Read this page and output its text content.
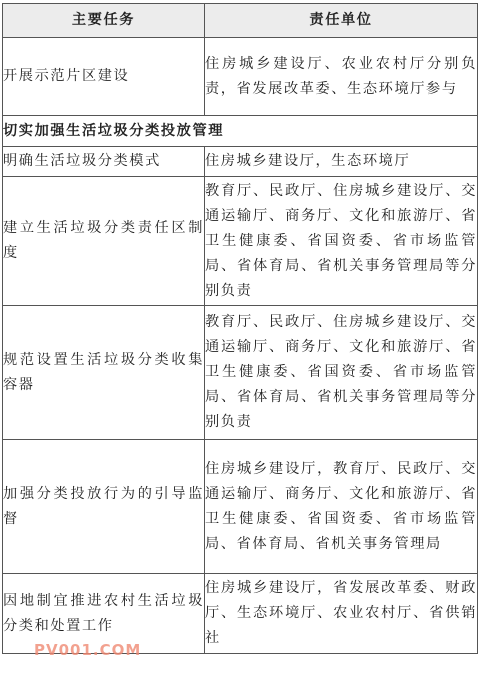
主要任务	责任单位
开展示范片区建设	住房城乡建设厅、农业农村厅分别负责，省发展改革委、生态环境厅参与
切实加强生活垃圾分类投放管理	
明确生活垃圾分类模式	住房城乡建设厅，生态环境厅
建立生活垃圾分类责任区制度	教育厅、民政厅、住房城乡建设厅、交通运输厅、商务厅、文化和旅游厅、省卫生健康委、省国资委、省市场监管局、省体育局、省机关事务管理局等分别负责
规范设置生活垃圾分类收集容器	教育厅、民政厅、住房城乡建设厅、交通运输厅、商务厅、文化和旅游厅、省卫生健康委、省国资委、省市场监管局、省体育局、省机关事务管理局等分别负责
加强分类投放行为的引导监督	住房城乡建设厅，教育厅、民政厅、交通运输厅、商务厅、文化和旅游厅、省卫生健康委、省国资委、省市场监管局、省体育局、省机关事务管理局
因地制宜推进农村生活垃圾分类和处置工作	住房城乡建设厅，省发展改革委、财政厅、生态环境厅、农业农村厅、省供销社
PV001.COM
